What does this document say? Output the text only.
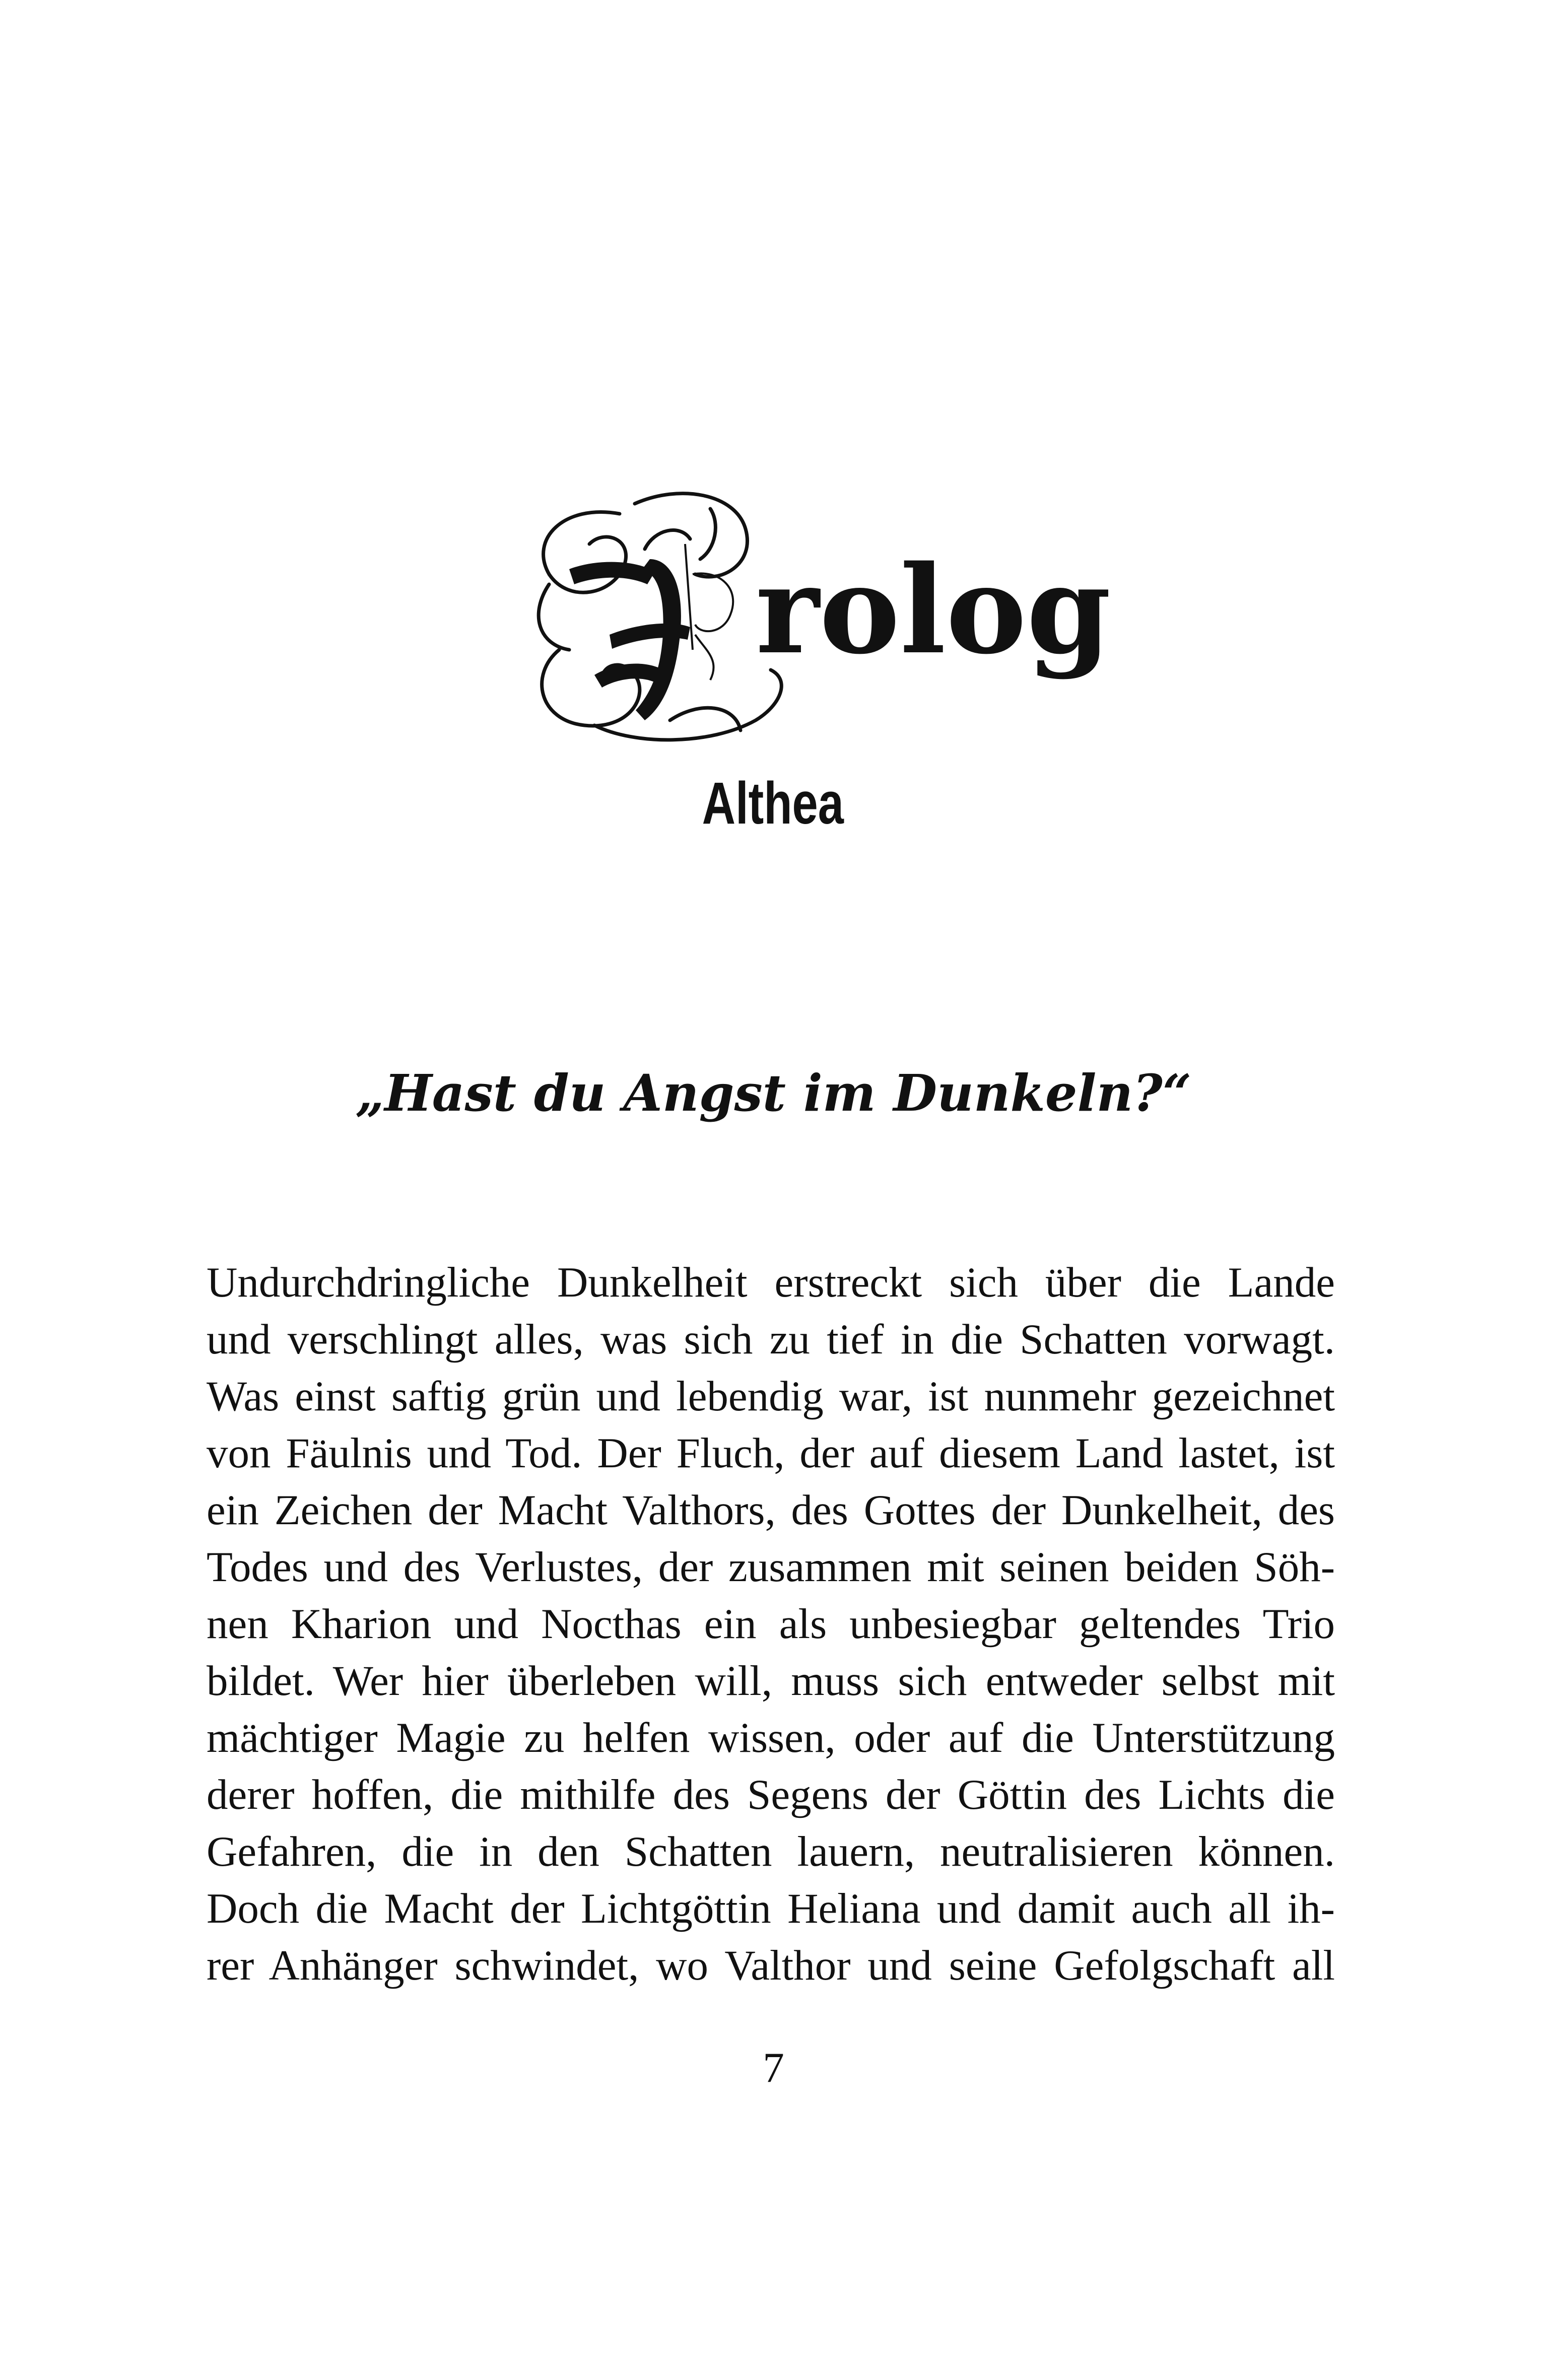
rolog
Althea
„Hast du Angst im Dunkeln?“
Undurchdringliche Dunkelheit erstreckt sich über die Lande
und verschlingt alles, was sich zu tief in die Schatten vorwagt.
Was einst saftig grün und lebendig war, ist nunmehr gezeichnet
von Fäulnis und Tod. Der Fluch, der auf diesem Land lastet, ist
ein Zeichen der Macht Valthors, des Gottes der Dunkelheit, des
Todes und des Verlustes, der zusammen mit seinen beiden Söh-
nen Kharion und Nocthas ein als unbesiegbar geltendes Trio
bildet. Wer hier überleben will, muss sich entweder selbst mit
mächtiger Magie zu helfen wissen, oder auf die Unterstützung
derer hoffen, die mithilfe des Segens der Göttin des Lichts die
Gefahren, die in den Schatten lauern, neutralisieren können.
Doch die Macht der Lichtgöttin Heliana und damit auch all ih-
rer Anhänger schwindet, wo Valthor und seine Gefolgschaft all
7
